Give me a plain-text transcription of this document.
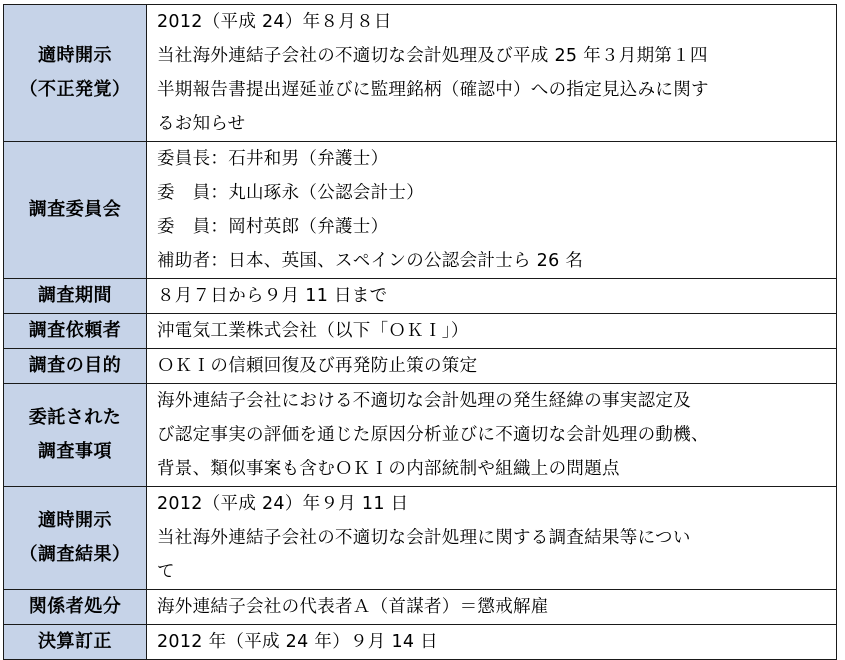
適時開示
（不正発覚）	2012（平成 24）年８月８日
当社海外連結子会社の不適切な会計処理及び平成 25 年３月期第１四
半期報告書提出遅延並びに監理銘柄（確認中）への指定見込みに関す
るお知らせ

調査委員会	委員長：石井和男（弁護士）
委　員：丸山琢永（公認会計士）
委　員：岡村英郎（弁護士）
補助者：日本、英国、スペインの公認会計士ら 26 名

調査期間	８月７日から９月 11 日まで

調査依頼者	沖電気工業株式会社（以下「ＯＫＩ」）

調査の目的	ＯＫＩの信頼回復及び再発防止策の策定

委託された
調査事項	海外連結子会社における不適切な会計処理の発生経緯の事実認定及
び認定事実の評価を通じた原因分析並びに不適切な会計処理の動機、
背景、類似事案も含むＯＫＩの内部統制や組織上の問題点

適時開示
（調査結果）	2012（平成 24）年９月 11 日
当社海外連結子会社の不適切な会計処理に関する調査結果等につい
て

関係者処分	海外連結子会社の代表者Ａ（首謀者）＝懲戒解雇

決算訂正	2012 年（平成 24 年）９月 14 日
